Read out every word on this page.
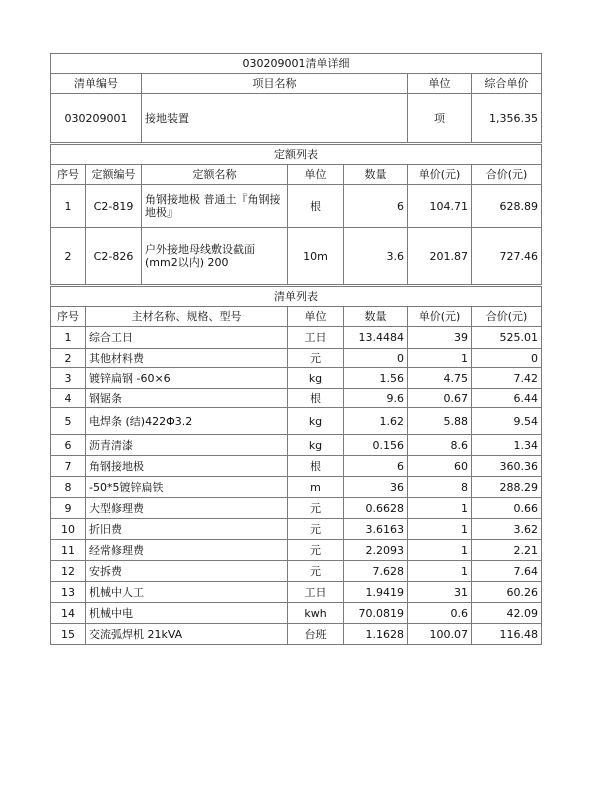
030209001清单详细			
清单编号	项目名称	单位	综合单价
030209001	接地装置	项	1,356.35
定额列表						
序号	定额编号	定额名称	单位	数量	单价(元)	合价(元)
1	C2-819	角钢接地极 普通土『角钢接地极』	根	6	104.71	628.89
2	C2-826	户外接地母线敷设截面(mm2以内) 200	10m	3.6	201.87	727.46
清单列表					
序号	主材名称、规格、型号	单位	数量	单价(元)	合价(元)
1	综合工日	工日	13.4484	39	525.01
2	其他材料费	元	0	1	0
3	镀锌扁钢 -60×6	kg	1.56	4.75	7.42
4	钢锯条	根	9.6	0.67	6.44
5	电焊条 (结)422Φ3.2	kg	1.62	5.88	9.54
6	沥青清漆	kg	0.156	8.6	1.34
7	角钢接地极	根	6	60	360.36
8	-50*5镀锌扁铁	m	36	8	288.29
9	大型修理费	元	0.6628	1	0.66
10	折旧费	元	3.6163	1	3.62
11	经常修理费	元	2.2093	1	2.21
12	安拆费	元	7.628	1	7.64
13	机械中人工	工日	1.9419	31	60.26
14	机械中电	kwh	70.0819	0.6	42.09
15	交流弧焊机 21kVA	台班	1.1628	100.07	116.48
